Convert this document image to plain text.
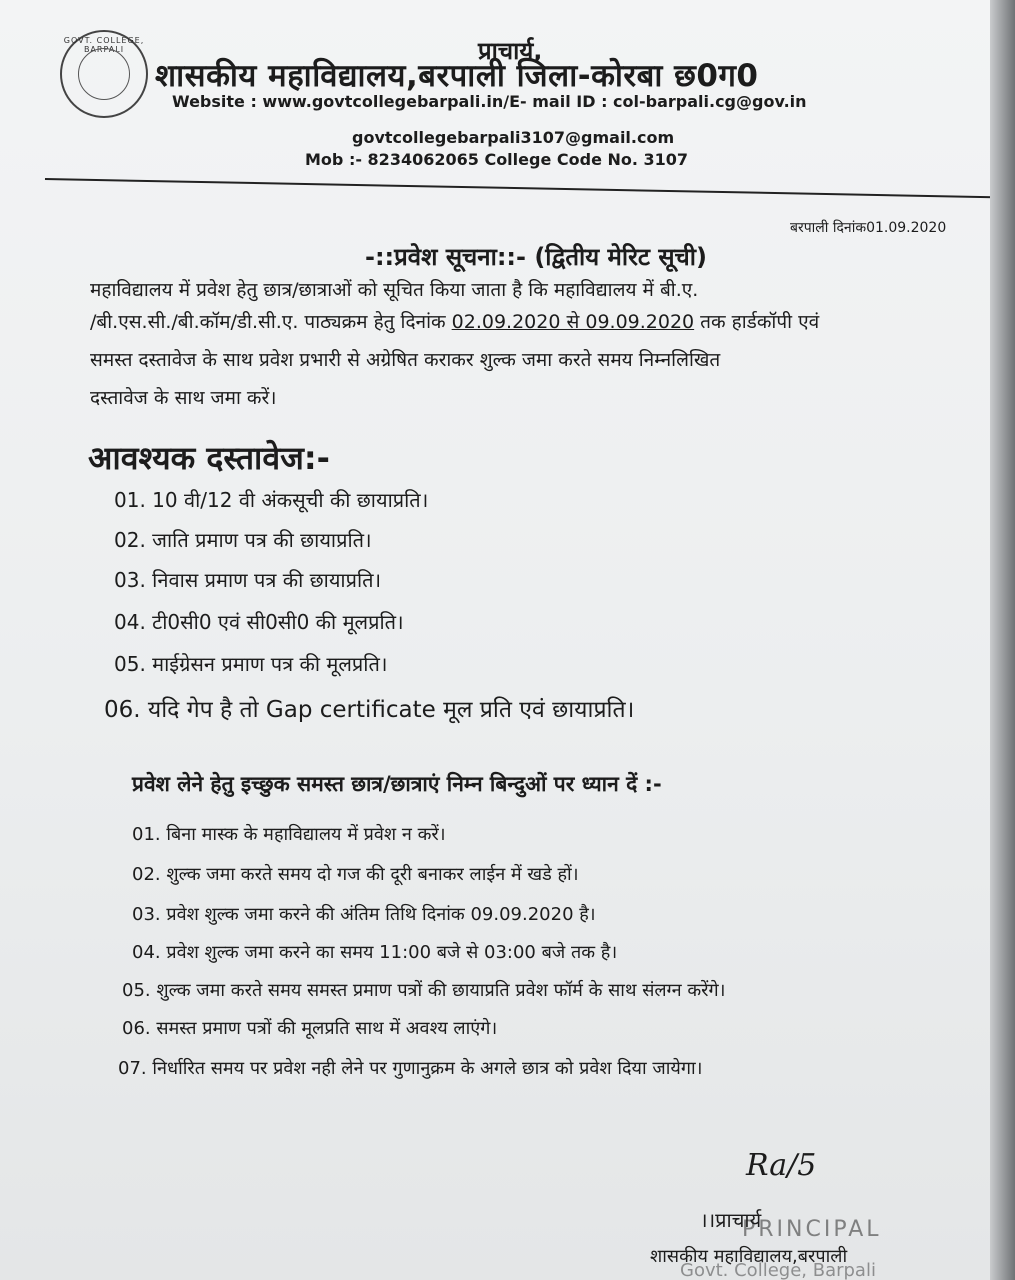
GOVT. COLLEGE, BARPALI	प्राचार्य,
शासकीय महाविद्यालय,बरपाली जिला-कोरबा छ0ग0
Website : www.govtcollegebarpali.in/E- mail ID : col-barpali.cg@gov.in
govtcollegebarpali3107@gmail.com
Mob :- 8234062065 College Code No. 3107
बरपाली दिनांक01.09.2020
-::प्रवेश सूचना::- (द्वितीय मेरिट सूची)
महाविद्यालय में प्रवेश हेतु छात्र/छात्राओं को सूचित किया जाता है कि महाविद्यालय में बी.ए.
/बी.एस.सी./बी.कॉम/डी.सी.ए. पाठ्यक्रम हेतु दिनांक 02.09.2020 से 09.09.2020 तक हार्डकॉपी एवं
समस्त दस्तावेज के साथ प्रवेश प्रभारी से अग्रेषित कराकर शुल्क जमा करते समय निम्नलिखित
दस्तावेज के साथ जमा करें।
आवश्यक दस्तावेज:-
01. 10 वी/12 वी अंकसूची की छायाप्रति।
02. जाति प्रमाण पत्र की छायाप्रति।
03. निवास प्रमाण पत्र की छायाप्रति।
04. टी0सी0 एवं सी0सी0 की मूलप्रति।
05. माईग्रेसन प्रमाण पत्र की मूलप्रति।
06. यदि गेप है तो Gap certificate मूल प्रति एवं छायाप्रति।
प्रवेश लेने हेतु इच्छुक समस्त छात्र/छात्राएं निम्न बिन्दुओं पर ध्यान दें :-
01. बिना मास्क के महाविद्यालय में प्रवेश न करें।
02. शुल्क जमा करते समय दो गज की दूरी बनाकर लाईन में खडे हों।
03. प्रवेश शुल्क जमा करने की अंतिम तिथि दिनांक 09.09.2020 है।
04. प्रवेश शुल्क जमा करने का समय 11:00 बजे से 03:00 बजे तक है।
05. शुल्क जमा करते समय समस्त प्रमाण पत्रों की छायाप्रति प्रवेश फॉर्म के साथ संलग्न करेंगे।
06. समस्त प्रमाण पत्रों की मूलप्रति साथ में अवश्य लाएंगे।
07. निर्धारित समय पर प्रवेश नही लेने पर गुणानुक्रम के अगले छात्र को प्रवेश दिया जायेगा।
Ra/5
PRINCIPAL
।।प्राचार्य
शासकीय महाविद्यालय,बरपाली
Govt. College, Barpali
